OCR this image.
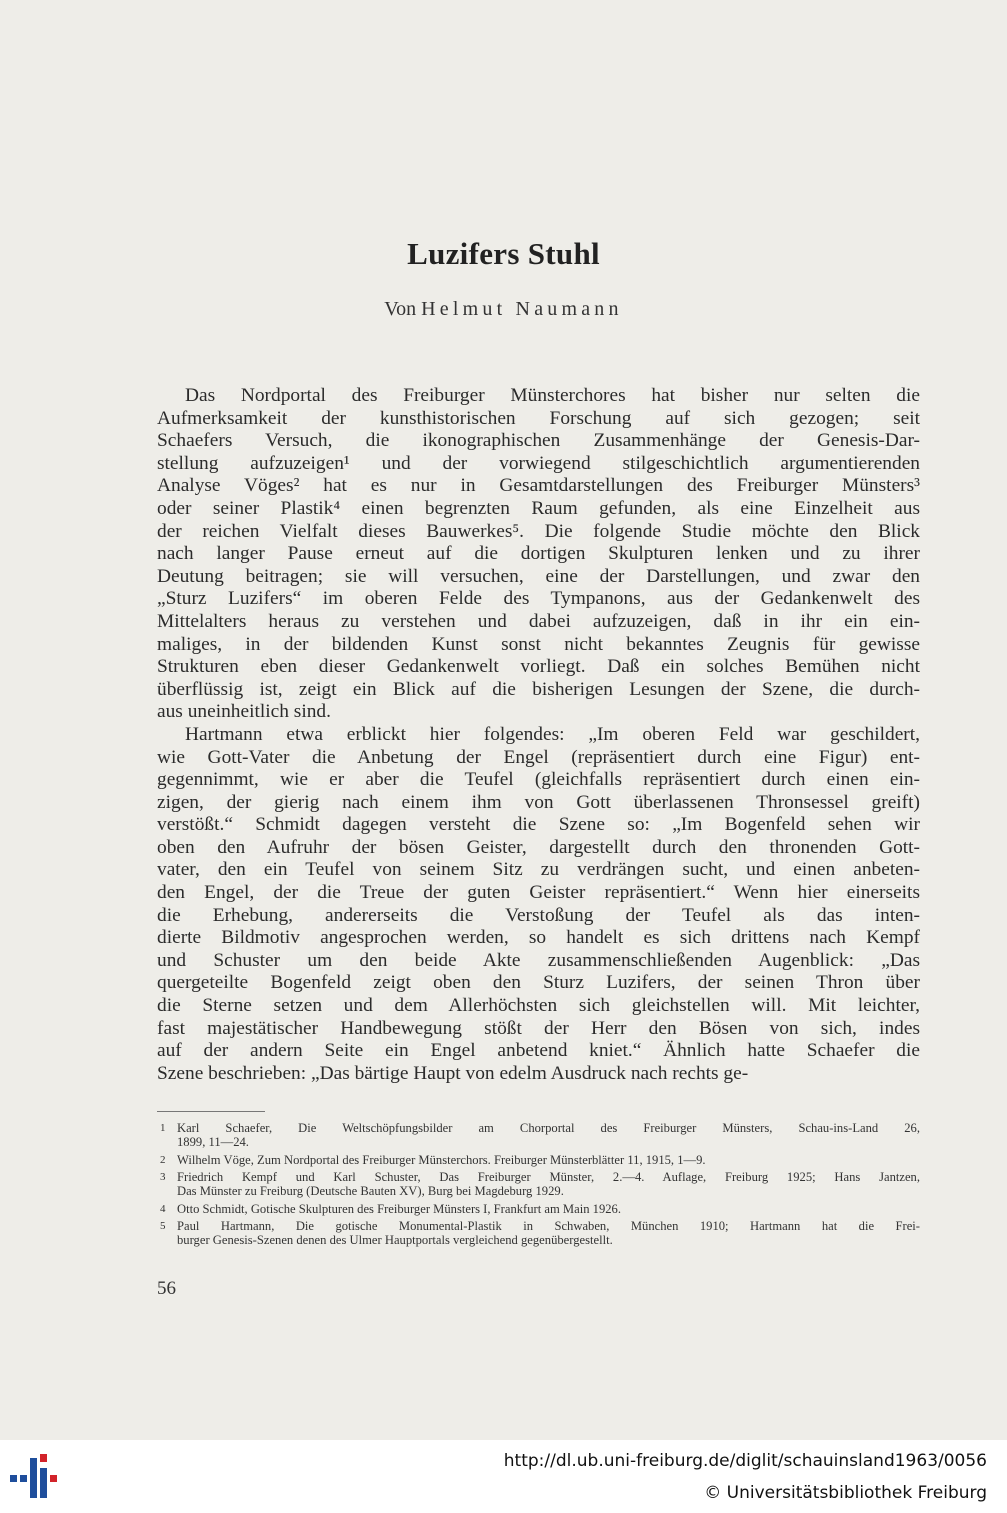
Luzifers Stuhl
Von Helmut Naumann
Das Nordportal des Freiburger Münsterchores hat bisher nur selten die
Aufmerksamkeit der kunsthistorischen Forschung auf sich gezogen; seit
Schaefers Versuch, die ikonographischen Zusammenhänge der Genesis-Dar-
stellung aufzuzeigen¹ und der vorwiegend stilgeschichtlich argumentierenden
Analyse Vöges² hat es nur in Gesamtdarstellungen des Freiburger Münsters³
oder seiner Plastik⁴ einen begrenzten Raum gefunden, als eine Einzelheit aus
der reichen Vielfalt dieses Bauwerkes⁵. Die folgende Studie möchte den Blick
nach langer Pause erneut auf die dortigen Skulpturen lenken und zu ihrer
Deutung beitragen; sie will versuchen, eine der Darstellungen, und zwar den
„Sturz Luzifers“ im oberen Felde des Tympanons, aus der Gedankenwelt des
Mittelalters heraus zu verstehen und dabei aufzuzeigen, daß in ihr ein ein-
maliges, in der bildenden Kunst sonst nicht bekanntes Zeugnis für gewisse
Strukturen eben dieser Gedankenwelt vorliegt. Daß ein solches Bemühen nicht
überflüssig ist, zeigt ein Blick auf die bisherigen Lesungen der Szene, die durch-
aus uneinheitlich sind.
Hartmann etwa erblickt hier folgendes: „Im oberen Feld war geschildert,
wie Gott-Vater die Anbetung der Engel (repräsentiert durch eine Figur) ent-
gegennimmt, wie er aber die Teufel (gleichfalls repräsentiert durch einen ein-
zigen, der gierig nach einem ihm von Gott überlassenen Thronsessel greift)
verstößt.“ Schmidt dagegen versteht die Szene so: „Im Bogenfeld sehen wir
oben den Aufruhr der bösen Geister, dargestellt durch den thronenden Gott-
vater, den ein Teufel von seinem Sitz zu verdrängen sucht, und einen anbeten-
den Engel, der die Treue der guten Geister repräsentiert.“ Wenn hier einerseits
die Erhebung, andererseits die Verstoßung der Teufel als das inten-
dierte Bildmotiv angesprochen werden, so handelt es sich drittens nach Kempf
und Schuster um den beide Akte zusammenschließenden Augenblick: „Das
quergeteilte Bogenfeld zeigt oben den Sturz Luzifers, der seinen Thron über
die Sterne setzen und dem Allerhöchsten sich gleichstellen will. Mit leichter,
fast majestätischer Handbewegung stößt der Herr den Bösen von sich, indes
auf der andern Seite ein Engel anbetend kniet.“ Ähnlich hatte Schaefer die
Szene beschrieben: „Das bärtige Haupt von edelm Ausdruck nach rechts ge-
1 Karl Schaefer, Die Weltschöpfungsbilder am Chorportal des Freiburger Münsters, Schau-ins-Land 26,
1899, 11—24.
2 Wilhelm Vöge, Zum Nordportal des Freiburger Münsterchors. Freiburger Münsterblätter 11, 1915, 1—9.
3 Friedrich Kempf und Karl Schuster, Das Freiburger Münster, 2.—4. Auflage, Freiburg 1925; Hans Jantzen,
Das Münster zu Freiburg (Deutsche Bauten XV), Burg bei Magdeburg 1929.
4 Otto Schmidt, Gotische Skulpturen des Freiburger Münsters I, Frankfurt am Main 1926.
5 Paul Hartmann, Die gotische Monumental-Plastik in Schwaben, München 1910; Hartmann hat die Frei-
burger Genesis-Szenen denen des Ulmer Hauptportals vergleichend gegenübergestellt.
56
http://dl.ub.uni-freiburg.de/diglit/schauinsland1963/0056
© Universitätsbibliothek Freiburg
